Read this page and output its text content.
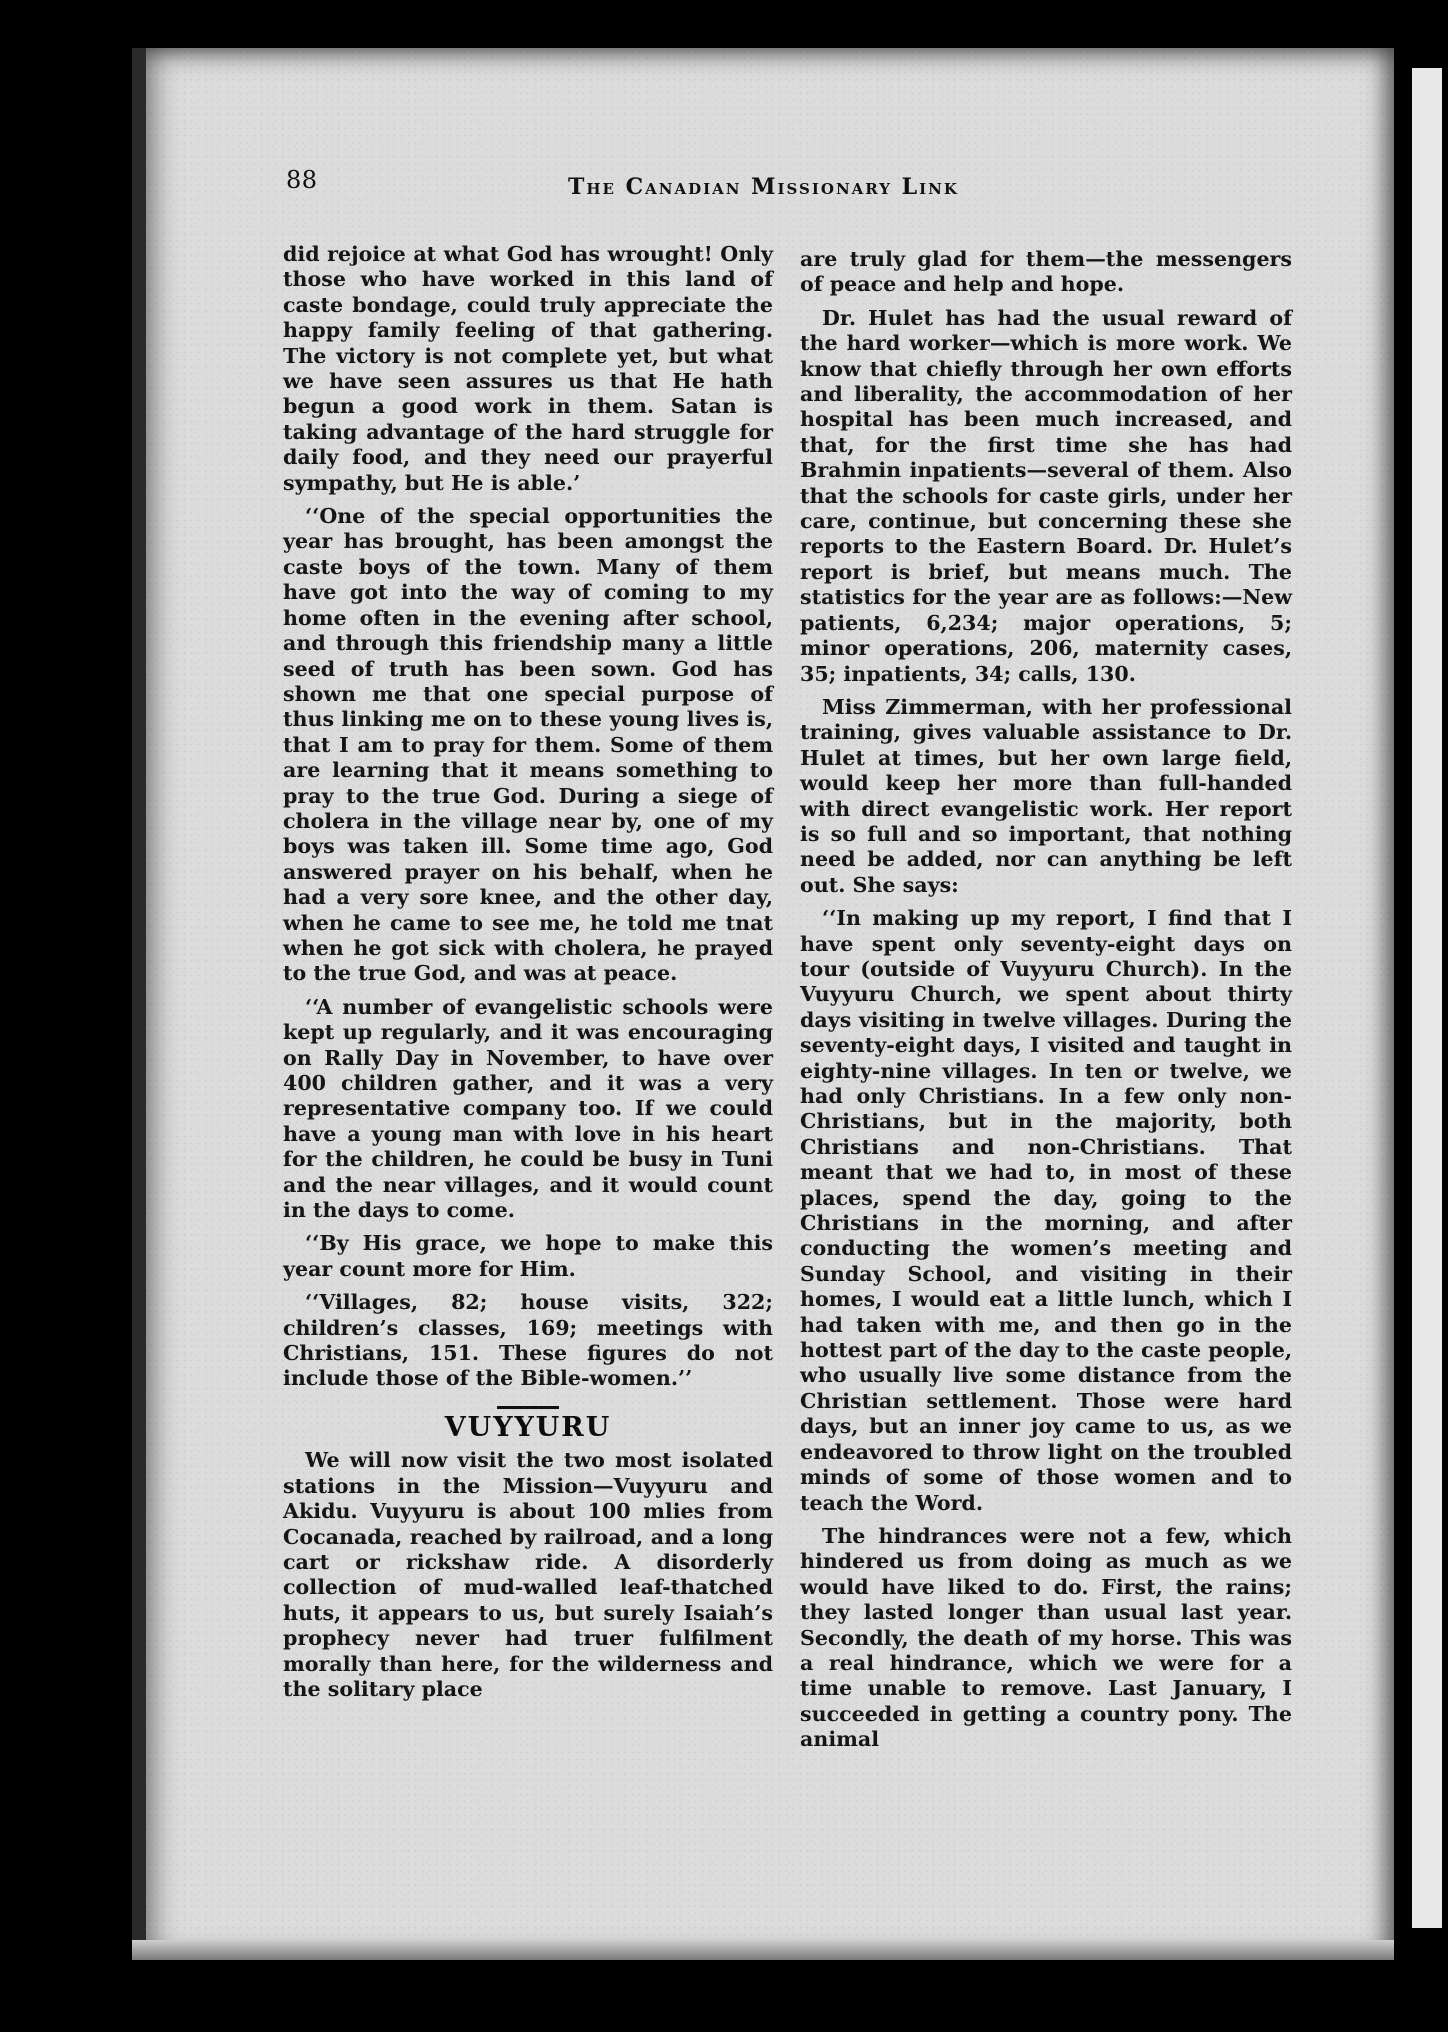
88	The Canadian Missionary Link

did rejoice at what God has wrought! Only those who have worked in this land of caste bondage, could truly appreciate the happy family feeling of that gathering. The victory is not complete yet, but what we have seen assures us that He hath begun a good work in them. Satan is taking advantage of the hard struggle for daily food, and they need our prayerful sympathy, but He is able.’

‘‘One of the special opportunities the year has brought, has been amongst the caste boys of the town. Many of them have got into the way of coming to my home often in the evening after school, and through this friendship many a little seed of truth has been sown. God has shown me that one special purpose of thus linking me on to these young lives is, that I am to pray for them. Some of them are learning that it means something to pray to the true God. During a siege of cholera in the village near by, one of my boys was taken ill. Some time ago, God answered prayer on his behalf, when he had a very sore knee, and the other day, when he came to see me, he told me tnat when he got sick with cholera, he prayed to the true God, and was at peace.

‘‘A number of evangelistic schools were kept up regularly, and it was encouraging on Rally Day in November, to have over 400 children gather, and it was a very representative company too. If we could have a young man with love in his heart for the children, he could be busy in Tuni and the near villages, and it would count in the days to come.

‘‘By His grace, we hope to make this year count more for Him.

‘‘Villages, 82; house visits, 322; children’s classes, 169; meetings with Christians, 151. These figures do not include those of the Bible-women.’’

VUYYURU

We will now visit the two most isolated stations in the Mission—Vuyyuru and Akidu. Vuyyuru is about 100 mlies from Cocanada, reached by railroad, and a long cart or rickshaw ride. A disorderly collection of mud-walled leaf-thatched huts, it appears to us, but surely Isaiah’s prophecy never had truer fulfilment morally than here, for the wilderness and the solitary place

are truly glad for them—the messengers of peace and help and hope.

Dr. Hulet has had the usual reward of the hard worker—which is more work. We know that chiefly through her own efforts and liberality, the accommodation of her hospital has been much increased, and that, for the first time she has had Brahmin inpatients—several of them. Also that the schools for caste girls, under her care, continue, but concerning these she reports to the Eastern Board. Dr. Hulet’s report is brief, but means much. The statistics for the year are as follows:—New patients, 6,234; major operations, 5; minor operations, 206, maternity cases, 35; inpatients, 34; calls, 130.

Miss Zimmerman, with her professional training, gives valuable assistance to Dr. Hulet at times, but her own large field, would keep her more than full-handed with direct evangelistic work. Her report is so full and so important, that nothing need be added, nor can anything be left out. She says:

‘‘In making up my report, I find that I have spent only seventy-eight days on tour (outside of Vuyyuru Church). In the Vuyyuru Church, we spent about thirty days visiting in twelve villages. During the seventy-eight days, I visited and taught in eighty-nine villages. In ten or twelve, we had only Christians. In a few only non-Christians, but in the majority, both Christians and non-Christians. That meant that we had to, in most of these places, spend the day, going to the Christians in the morning, and after conducting the women’s meeting and Sunday School, and visiting in their homes, I would eat a little lunch, which I had taken with me, and then go in the hottest part of the day to the caste people, who usually live some distance from the Christian settlement. Those were hard days, but an inner joy came to us, as we endeavored to throw light on the troubled minds of some of those women and to teach the Word.

The hindrances were not a few, which hindered us from doing as much as we would have liked to do. First, the rains; they lasted longer than usual last year. Secondly, the death of my horse. This was a real hindrance, which we were for a time unable to remove. Last January, I succeeded in getting a country pony. The animal
